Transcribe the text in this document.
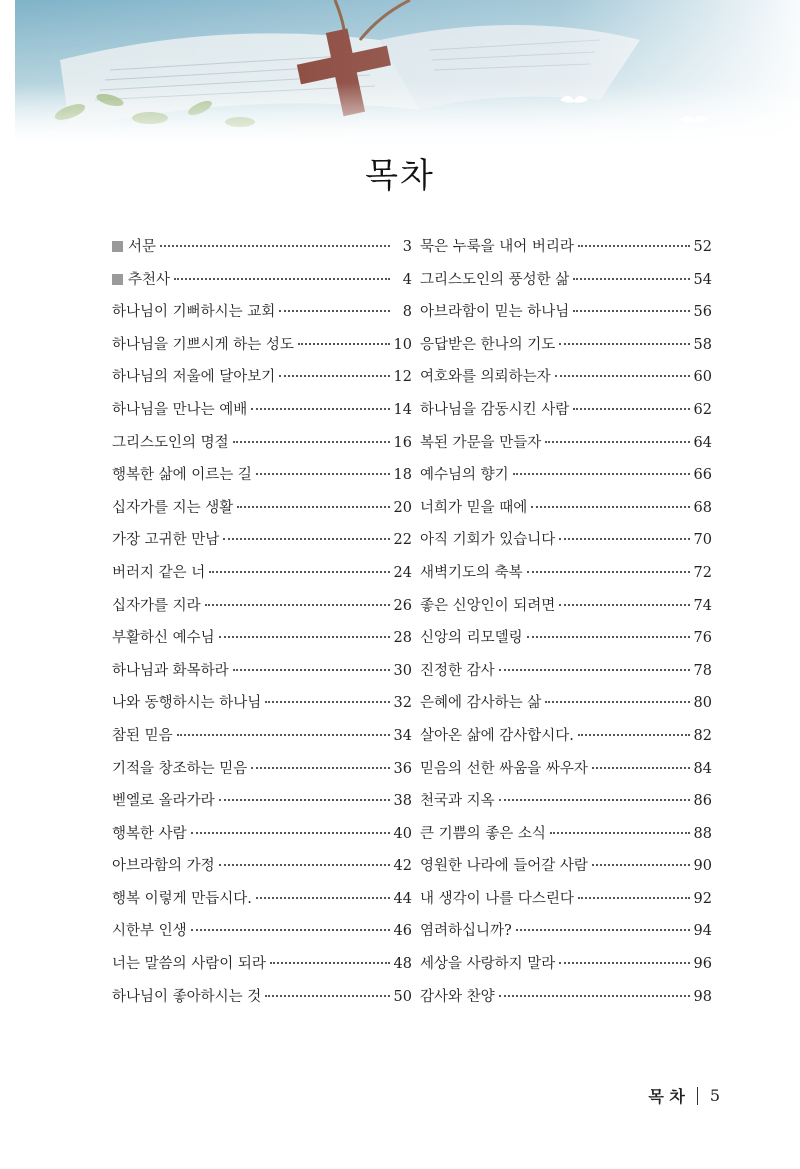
목차
서문	3
추천사	4
하나님이 기뻐하시는 교회	8
하나님을 기쁘시게 하는 성도	10
하나님의 저울에 달아보기	12
하나님을 만나는 예배	14
그리스도인의 명절	16
행복한 삶에 이르는 길	18
십자가를 지는 생활	20
가장 고귀한 만남	22
버러지 같은 너	24
십자가를 지라	26
부활하신 예수님	28
하나님과 화목하라	30
나와 동행하시는 하나님	32
참된 믿음	34
기적을 창조하는 믿음	36
벧엘로 올라가라	38
행복한 사람	40
아브라함의 가정	42
행복 이렇게 만듭시다.	44
시한부 인생	46
너는 말씀의 사람이 되라	48
하나님이 좋아하시는 것	50
묵은 누룩을 내어 버리라	52
그리스도인의 풍성한 삶	54
아브라함이 믿는 하나님	56
응답받은 한나의 기도	58
여호와를 의뢰하는자	60
하나님을 감동시킨 사람	62
복된 가문을 만들자	64
예수님의 향기	66
너희가 믿을 때에	68
아직 기회가 있습니다	70
새벽기도의 축복	72
좋은 신앙인이 되려면	74
신앙의 리모델링	76
진정한 감사	78
은혜에 감사하는 삶	80
살아온 삶에 감사합시다.	82
믿음의 선한 싸움을 싸우자	84
천국과 지옥	86
큰 기쁨의 좋은 소식	88
영원한 나라에 들어갈 사람	90
내 생각이 나를 다스린다	92
염려하십니까?	94
세상을 사랑하지 말라	96
감사와 찬양	98
목 차 5
